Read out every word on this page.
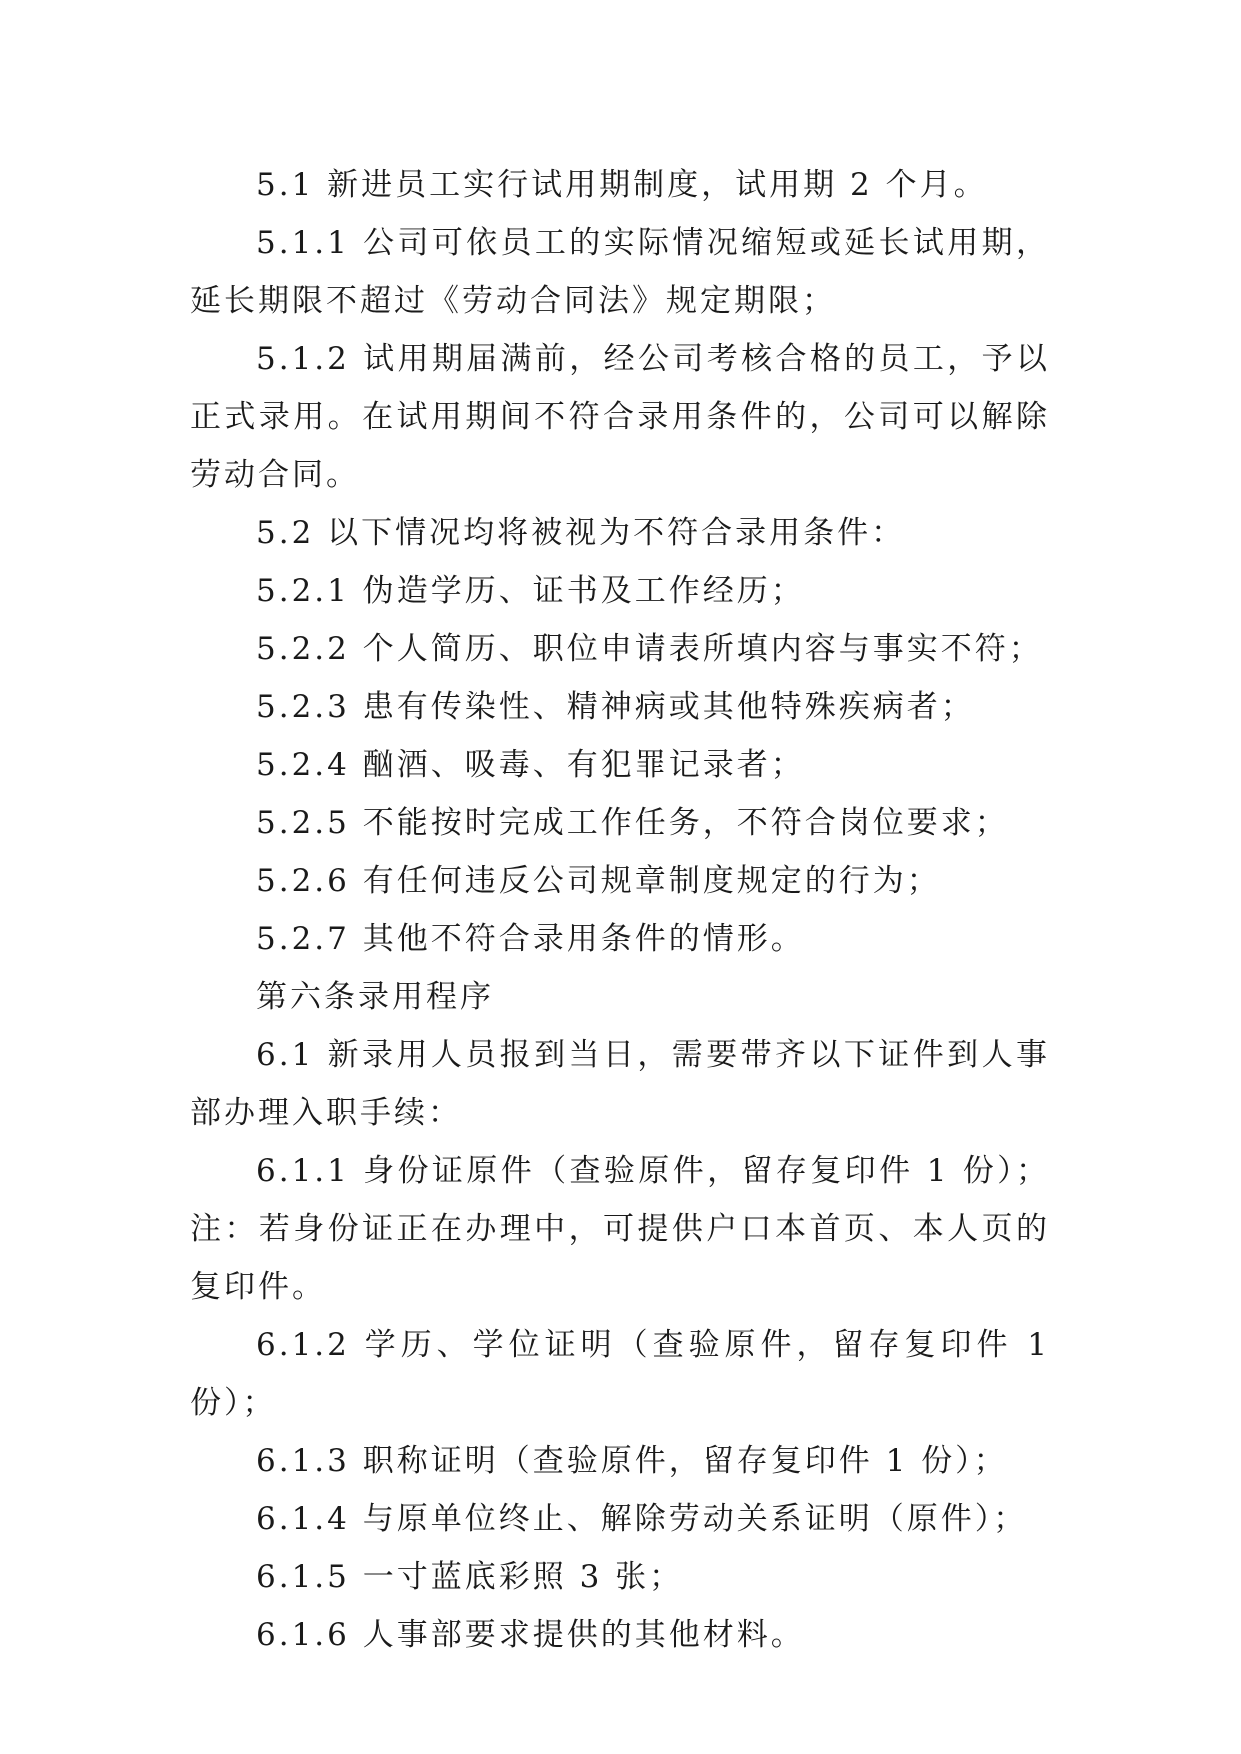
5.1 新进员工实行试用期制度，试用期 2 个月。

5.1.1 公司可依员工的实际情况缩短或延长试用期，延长期限不超过《劳动合同法》规定期限；

5.1.2 试用期届满前，经公司考核合格的员工，予以正式录用。在试用期间不符合录用条件的，公司可以解除劳动合同。

5.2 以下情况均将被视为不符合录用条件：

5.2.1 伪造学历、证书及工作经历；

5.2.2 个人简历、职位申请表所填内容与事实不符；

5.2.3 患有传染性、精神病或其他特殊疾病者；

5.2.4 酗酒、吸毒、有犯罪记录者；

5.2.5 不能按时完成工作任务，不符合岗位要求；

5.2.6 有任何违反公司规章制度规定的行为；

5.2.7 其他不符合录用条件的情形。

第六条录用程序

6.1 新录用人员报到当日，需要带齐以下证件到人事部办理入职手续：

6.1.1 身份证原件（查验原件，留存复印件 1 份）；注：若身份证正在办理中，可提供户口本首页、本人页的复印件。

6.1.2 学历、学位证明（查验原件，留存复印件 1 份）；

6.1.3 职称证明（查验原件，留存复印件 1 份）；

6.1.4 与原单位终止、解除劳动关系证明（原件）；

6.1.5 一寸蓝底彩照 3 张；

6.1.6 人事部要求提供的其他材料。
